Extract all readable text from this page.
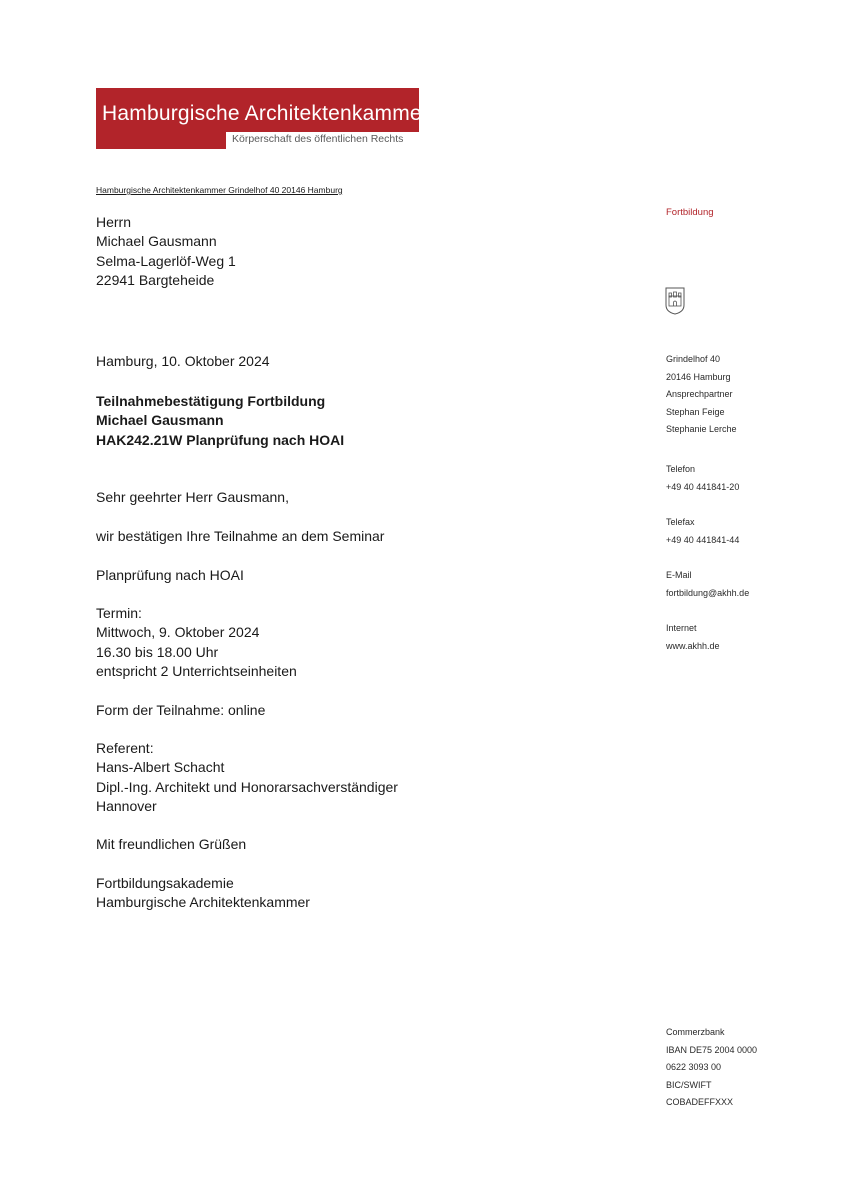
Hamburgische Architektenkammer
Körperschaft des öffentlichen Rechts
Hamburgische Architektenkammer Grindelhof 40 20146 Hamburg
Herrn
Michael Gausmann
Selma-Lagerlöf-Weg 1
22941 Bargteheide
Hamburg, 10. Oktober 2024
Teilnahmebestätigung Fortbildung
Michael Gausmann
HAK242.21W Planprüfung nach HOAI
Sehr geehrter Herr Gausmann,
wir bestätigen Ihre Teilnahme an dem Seminar
Planprüfung nach HOAI
Termin:
Mittwoch, 9. Oktober 2024
16.30 bis 18.00 Uhr
entspricht 2 Unterrichtseinheiten
Form der Teilnahme: online
Referent:
Hans-Albert Schacht
Dipl.-Ing. Architekt und Honorarsachverständiger
Hannover
Mit freundlichen Grüßen
Fortbildungsakademie
Hamburgische Architektenkammer
Fortbildung
Grindelhof 40
20146 Hamburg
Ansprechpartner
Stephan Feige
Stephanie Lerche
Telefon
+49 40 441841-20
Telefax
+49 40 441841-44
E-Mail
fortbildung@akhh.de
Internet
www.akhh.de
Commerzbank
IBAN DE75 2004 0000
0622 3093 00
BIC/SWIFT
COBADEFFXXX
